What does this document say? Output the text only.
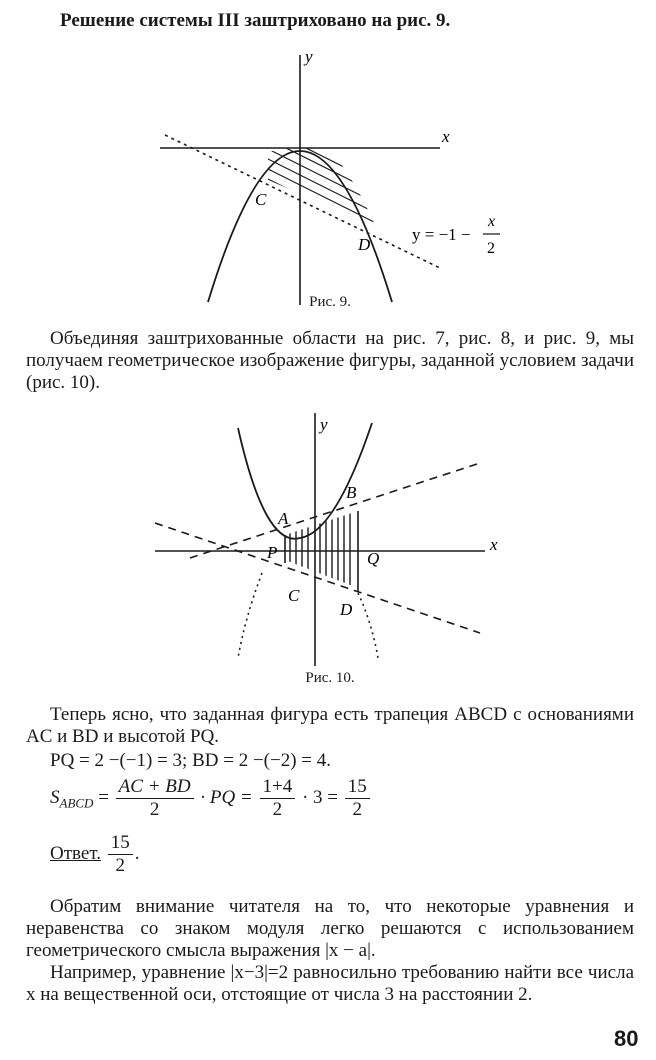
Решение системы III заштриховано на рис. 9.
y
x
C
D
y = −1 −
x
2
Рис. 9.
Объединяя заштрихованные области на рис. 7, рис. 8, и рис. 9, мы получаем геометрическое изображение фигуры, заданной условием задачи (рис. 10).
y
x
A
B
P	Q
C
D
Рис. 10.
Теперь ясно, что заданная фигура есть трапеция ABCD с основаниями AC и BD и высотой PQ.
PQ = 2 −(−1) = 3; BD = 2 −(−2) = 4.
$S_{ABCD} = \frac{AC + BD}{2}$ · PQ = $\frac{1+4}{2} \cdot 3 = \frac{15}{2}$
Ответ. $\frac{15}{2}$ .
Обратим внимание читателя на то, что некоторые уравнения и неравенства со знаком модуля легко решаются с использованием геометрического смысла выражения |x − a|.
Например, уравнение |x−3|=2 равносильно требованию найти все числа x на вещественной оси, отстоящие от числа 3 на расстоянии 2.
80
